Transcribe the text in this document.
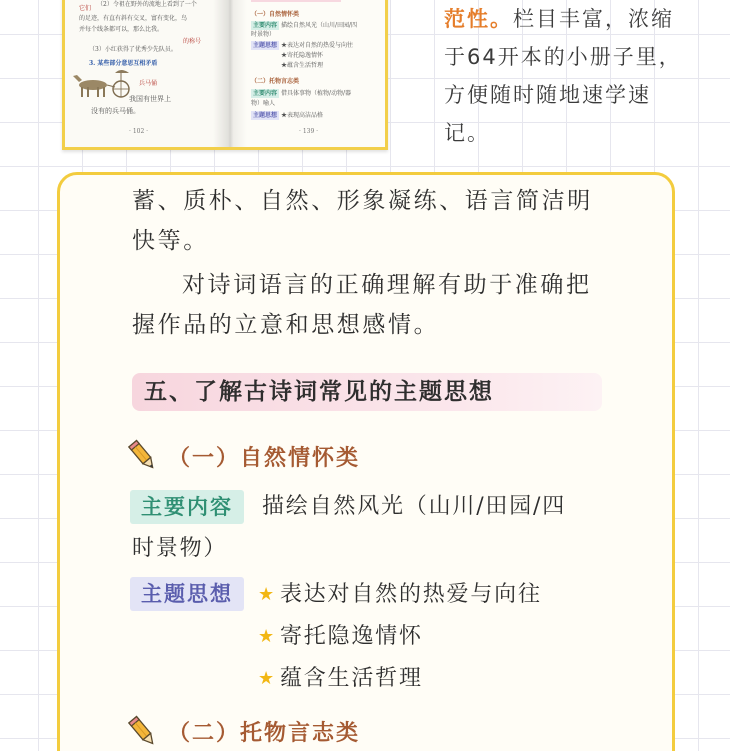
它们
（2）令祖在野外的流地上看到了一个
的足迹，有直有斜有交叉，富有变化，鸟
并每个线条都可以，那么比我。
（3）小红获得了优秀少先队员。
的称号
3. 某些部分意思互相矛盾
兵马俑
我国有世界上
没有的兵马俑。
· 102 ·
（一）自然情怀类
主要内容 描绘自然风光（山川/田园/四
时景物）
主题思想 ★表达对自然的热爱与向往
★寄托隐逸情怀
★蕴含生活哲理
（二）托物言志类
主要内容 借具体事物（植物/动物/器
物）喻人
主题思想 ★表现高洁品格
· 139 ·
范性。栏目丰富，浓缩
于64开本的小册子里，
方便随时随地速学速
记。
蓄、质朴、自然、形象凝练、语言简洁明
快等。
对诗词语言的正确理解有助于准确把
握作品的立意和思想感情。
五、了解古诗词常见的主题思想
（一）自然情怀类
主要内容	描绘自然风光（山川/田园/四
时景物）
主题思想	★ 表达对自然的热爱与向往
★ 寄托隐逸情怀
★ 蕴含生活哲理
（二）托物言志类
